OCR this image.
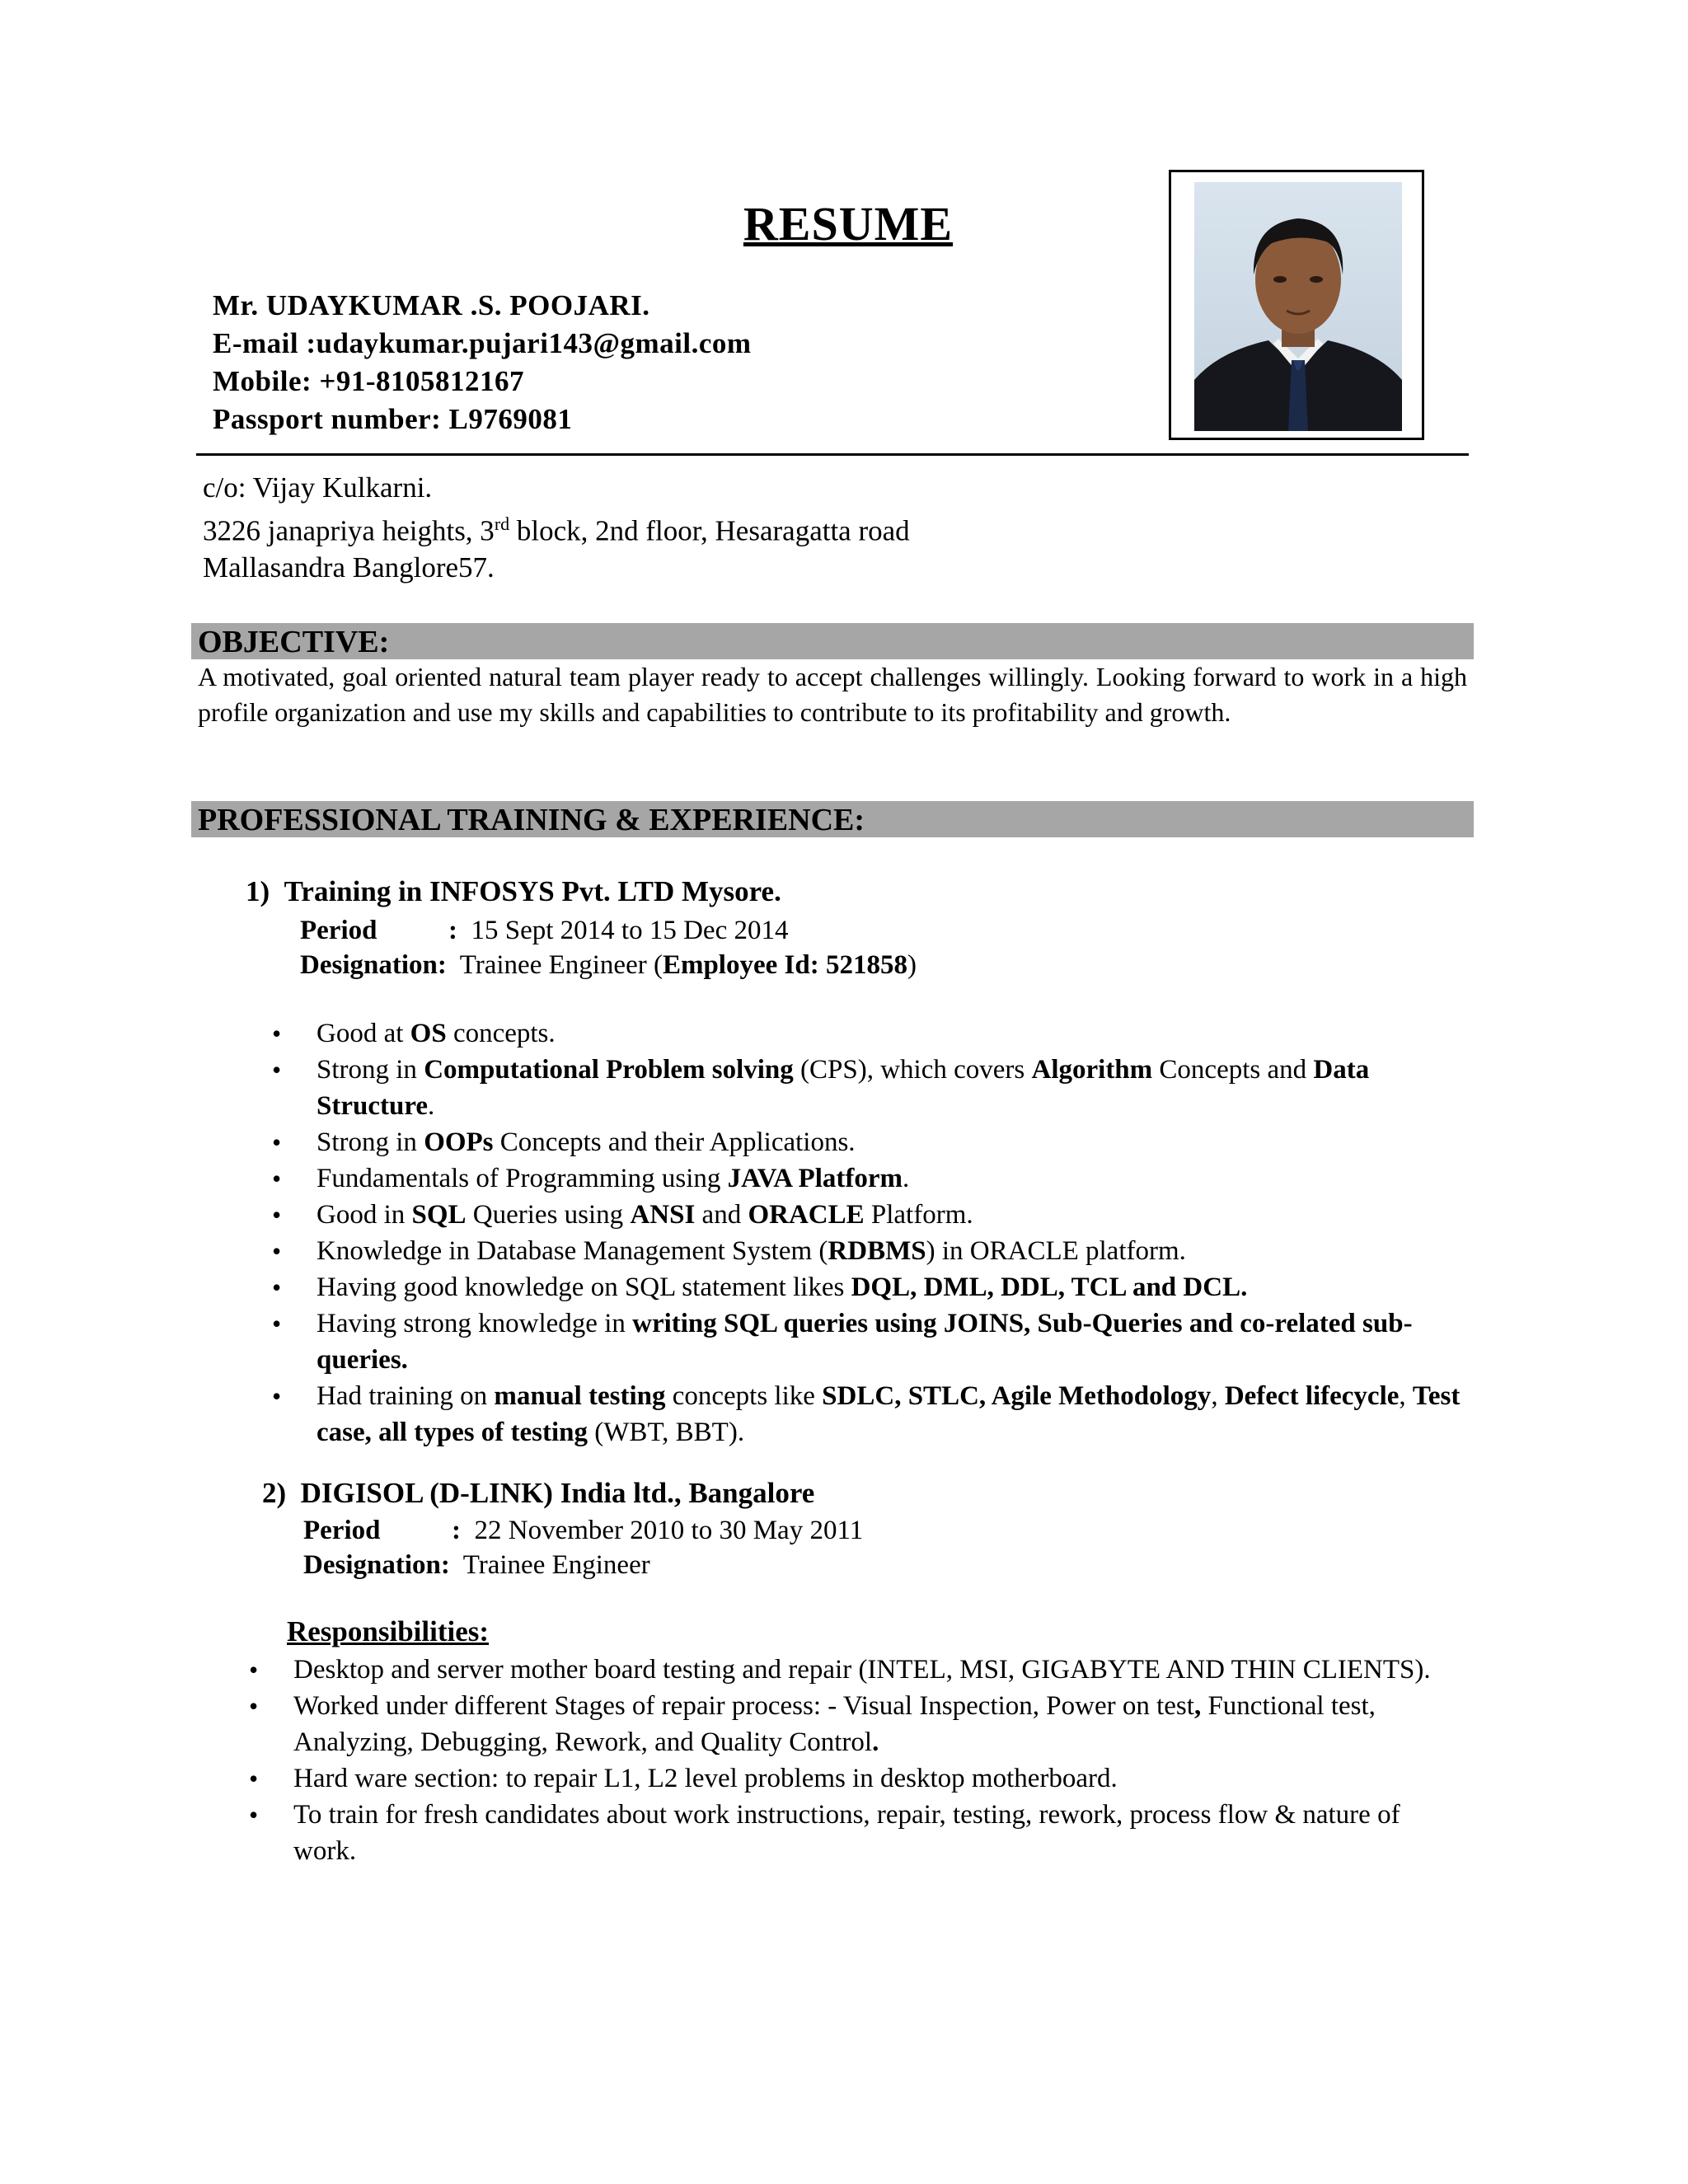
RESUME
Mr. UDAYKUMAR .S. POOJARI.
E-mail :udaykumar.pujari143@gmail.com
Mobile: +91-8105812167
Passport number: L9769081
c/o: Vijay Kulkarni.
3226 janapriya heights, 3rd block, 2nd floor, Hesaragatta road
Mallasandra Banglore57.
OBJECTIVE:
A motivated, goal oriented natural team player ready to accept challenges willingly. Looking forward to work in a high profile organization and use my skills and capabilities to contribute to its profitability and growth.
PROFESSIONAL TRAINING & EXPERIENCE:
1) Training in INFOSYS Pvt. LTD Mysore.
Period	: 15 Sept 2014 to 15 Dec 2014
Designation: Trainee Engineer (Employee Id: 521858)
• Good at OS concepts.
• Strong in Computational Problem solving (CPS), which covers Algorithm Concepts and Data Structure.
• Strong in OOPs Concepts and their Applications.
• Fundamentals of Programming using JAVA Platform.
• Good in SQL Queries using ANSI and ORACLE Platform.
• Knowledge in Database Management System (RDBMS) in ORACLE platform.
• Having good knowledge on SQL statement likes DQL, DML, DDL, TCL and DCL.
• Having strong knowledge in writing SQL queries using JOINS, Sub-Queries and co-related sub-queries.
• Had training on manual testing concepts like SDLC, STLC, Agile Methodology, Defect lifecycle, Test case, all types of testing (WBT, BBT).
2) DIGISOL (D-LINK) India ltd., Bangalore
Period	: 22 November 2010 to 30 May 2011
Designation: Trainee Engineer
Responsibilities:
• Desktop and server mother board testing and repair (INTEL, MSI, GIGABYTE AND THIN CLIENTS).
• Worked under different Stages of repair process: - Visual Inspection, Power on test, Functional test, Analyzing, Debugging, Rework, and Quality Control.
• Hard ware section: to repair L1, L2 level problems in desktop motherboard.
• To train for fresh candidates about work instructions, repair, testing, rework, process flow & nature of work.
